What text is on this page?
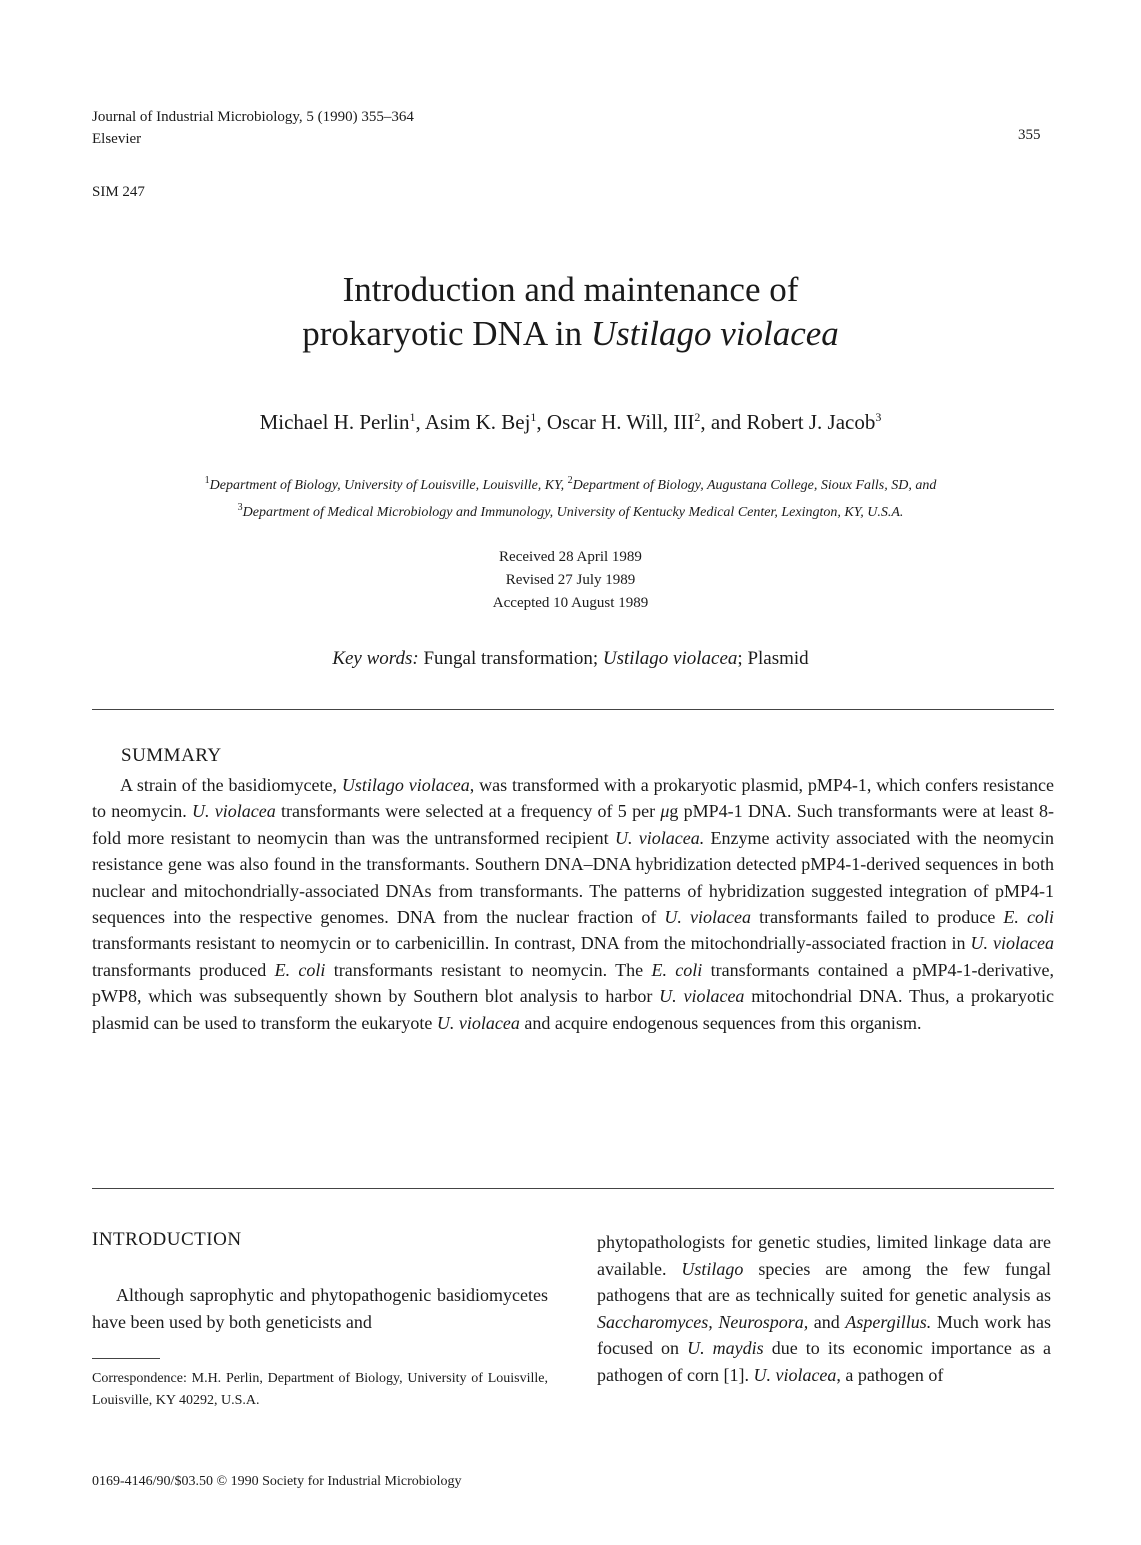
Journal of Industrial Microbiology, 5 (1990) 355–364
Elsevier	355
SIM 247
Introduction and maintenance of
prokaryotic DNA in Ustilago violacea
Michael H. Perlin$^1$, Asim K. Bej$^1$, Oscar H. Will, III$^2$, and Robert J. Jacob$^3$
$^1$Department of Biology, University of Louisville, Louisville, KY, $^2$Department of Biology, Augustana College, Sioux Falls, SD, and
$^3$Department of Medical Microbiology and Immunology, University of Kentucky Medical Center, Lexington, KY, U.S.A.
Received 28 April 1989
Revised 27 July 1989
Accepted 10 August 1989
Key words: Fungal transformation; Ustilago violacea; Plasmid
SUMMARY

A strain of the basidiomycete, Ustilago violacea, was transformed with a prokaryotic plasmid, pMP4-1, which confers resistance to neomycin. U. violacea transformants were selected at a frequency of 5 per μg pMP4-1 DNA. Such transformants were at least 8-fold more resistant to neomycin than was the untransformed recipient U. violacea. Enzyme activity associated with the neomycin resistance gene was also found in the transformants. Southern DNA–DNA hybridization detected pMP4-1-derived sequences in both nuclear and mitochondrially-associated DNAs from transformants. The patterns of hybridization suggested integration of pMP4-1 sequences into the respective genomes. DNA from the nuclear fraction of U. violacea transformants failed to produce E. coli transformants resistant to neomycin or to carbenicillin. In contrast, DNA from the mitochondrially-associated fraction in U. violacea transformants produced E. coli transformants resistant to neomycin. The E. coli transformants contained a pMP4-1-derivative, pWP8, which was subsequently shown by Southern blot analysis to harbor U. violacea mitochondrial DNA. Thus, a prokaryotic plasmid can be used to transform the eukaryote U. violacea and acquire endogenous sequences from this organism.

INTRODUCTION

Although saprophytic and phytopathogenic basidiomycetes have been used by both geneticists and

Correspondence: M.H. Perlin, Department of Biology, University of Louisville, Louisville, KY 40292, U.S.A.
0169-4146/90/$03.50 © 1990 Society for Industrial Microbiology

phytopathologists for genetic studies, limited linkage data are available. Ustilago species are among the few fungal pathogens that are as technically suited for genetic analysis as Saccharomyces, Neurospora, and Aspergillus. Much work has focused on U. maydis due to its economic importance as a pathogen of corn [1]. U. violacea, a pathogen of
